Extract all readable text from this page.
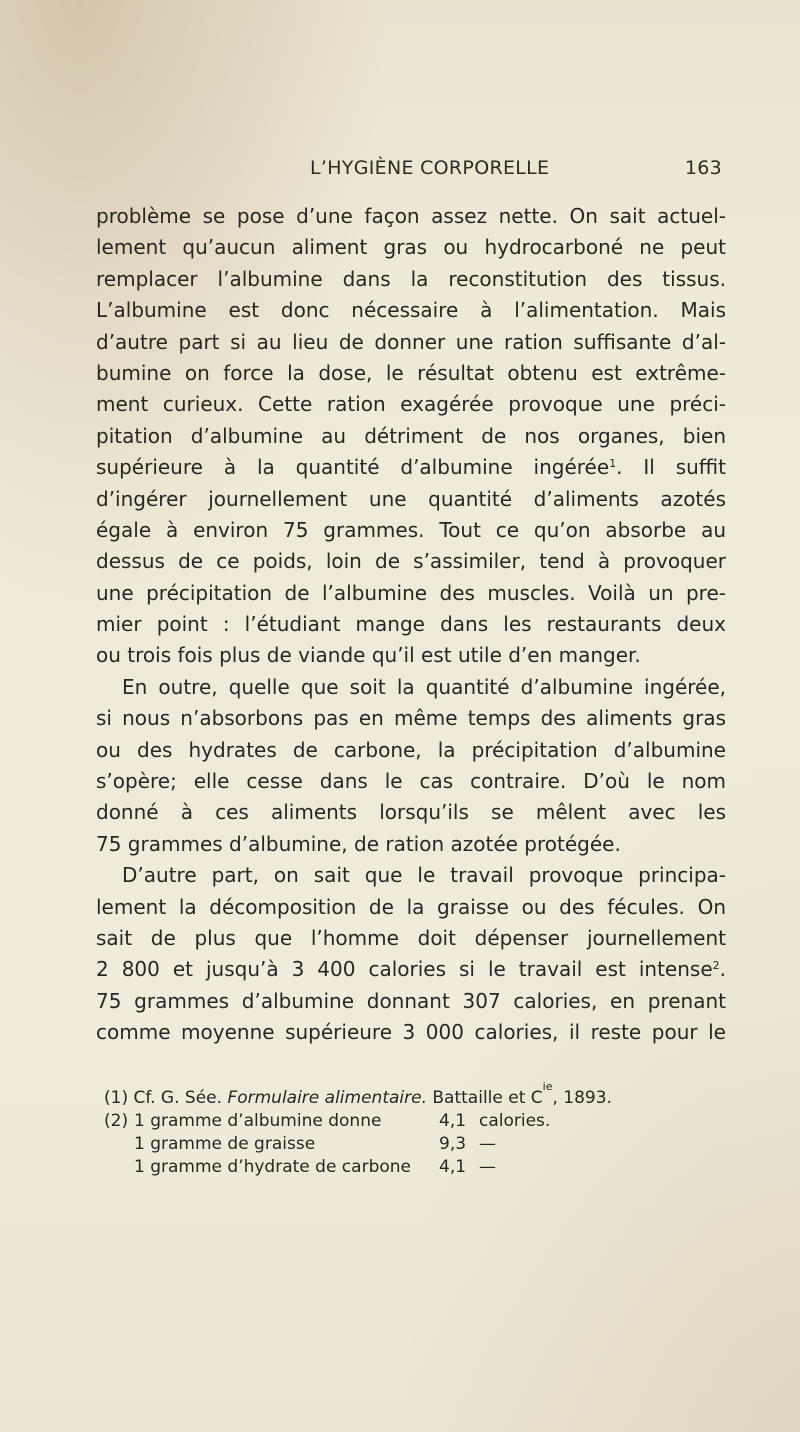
L’HYGIÈNE CORPORELLE	163
problème se pose d’une façon assez nette. On sait actuel-
lement qu’aucun aliment gras ou hydrocarboné ne peut
remplacer l’albumine dans la reconstitution des tissus.
L’albumine est donc nécessaire à l’alimentation. Mais
d’autre part si au lieu de donner une ration suffisante d’al-
bumine on force la dose, le résultat obtenu est extrême-
ment curieux. Cette ration exagérée provoque une préci-
pitation d’albumine au détriment de nos organes, bien
supérieure à la quantité d’albumine ingérée$^1$. Il suffit
d’ingérer journellement une quantité d’aliments azotés
égale à environ 75 grammes. Tout ce qu’on absorbe au
dessus de ce poids, loin de s’assimiler, tend à provoquer
une précipitation de l’albumine des muscles. Voilà un pre-
mier point : l’étudiant mange dans les restaurants deux
ou trois fois plus de viande qu’il est utile d’en manger.
En outre, quelle que soit la quantité d’albumine ingérée,
si nous n’absorbons pas en même temps des aliments gras
ou des hydrates de carbone, la précipitation d’albumine
s’opère; elle cesse dans le cas contraire. D’où le nom
donné à ces aliments lorsqu’ils se mêlent avec les
75 grammes d’albumine, de ration azotée protégée.
D’autre part, on sait que le travail provoque principa-
lement la décomposition de la graisse ou des fécules. On
sait de plus que l’homme doit dépenser journellement
2 800 et jusqu’à 3 400 calories si le travail est intense$^2$.
75 grammes d’albumine donnant 307 calories, en prenant
comme moyenne supérieure 3 000 calories, il reste pour le
(1)
Cf. G. Sée.
Formulaire alimentaire.
Battaille et C
ie
, 1893.
(2) 1 gramme d’albumine donne	4,1 calories.
1 gramme de graisse	9,3 —
1 gramme d’hydrate de carbone	4,1 —
